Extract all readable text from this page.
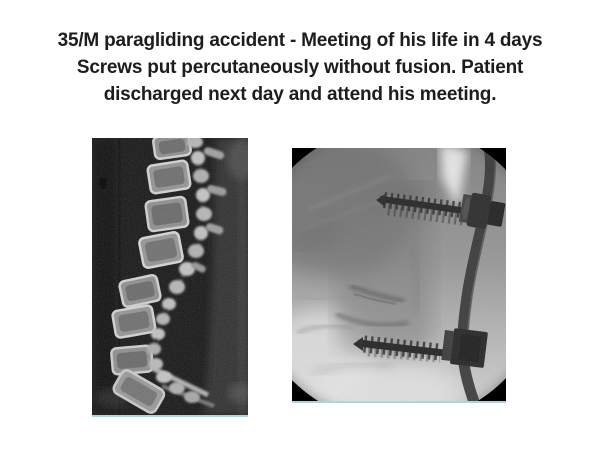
35/M paragliding accident - Meeting of his life in 4 days
Screws put percutaneously without fusion. Patient
discharged next day and attend his meeting.
